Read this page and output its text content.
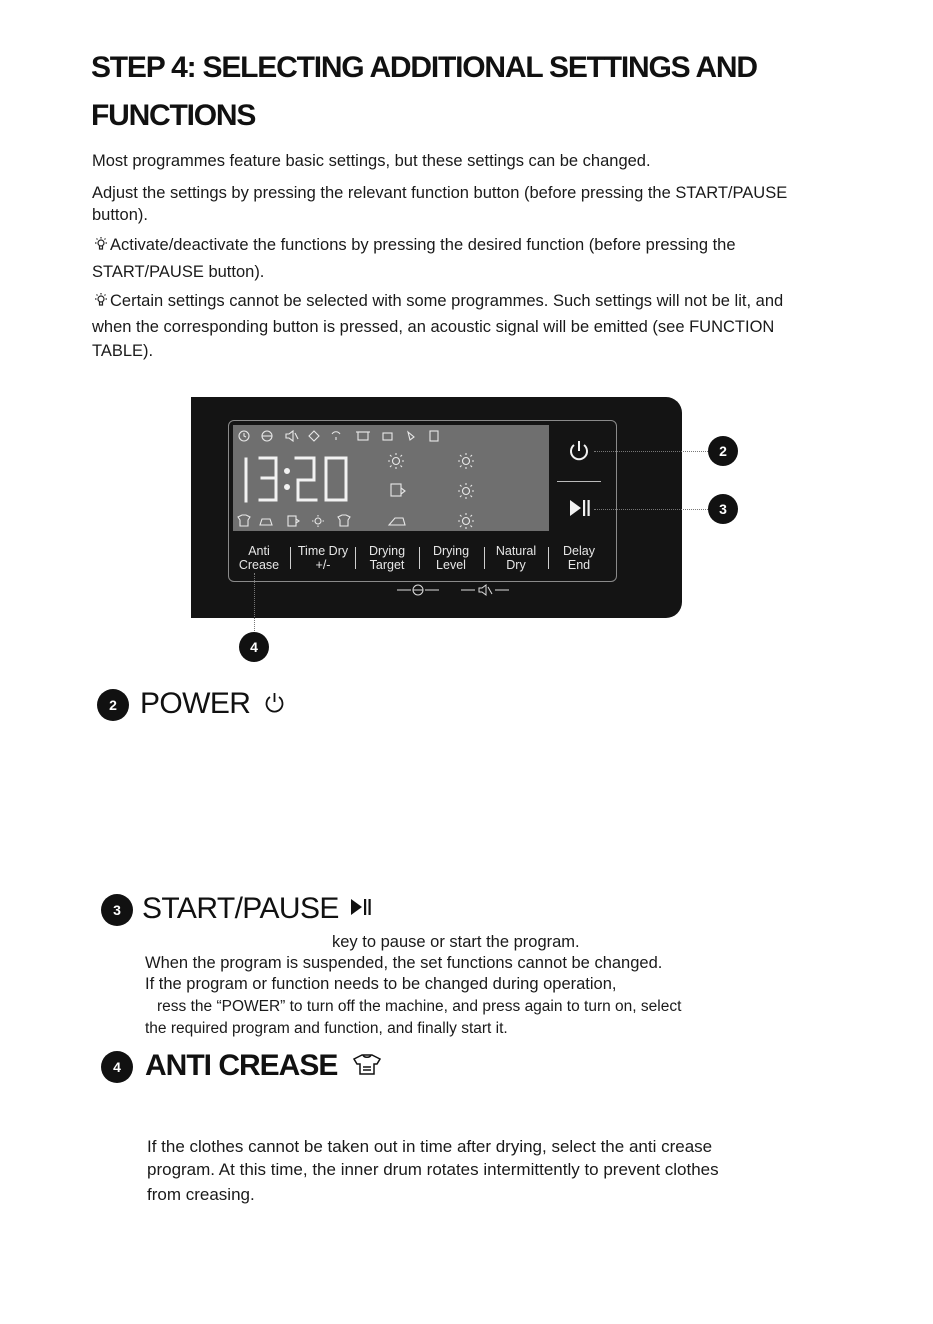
STEP 4: SELECTING ADDITIONAL SETTINGS AND
FUNCTIONS
Most programmes feature basic settings, but these settings can be changed.
Adjust the settings by pressing the relevant function button (before pressing the START/PAUSE
button).
Activate/deactivate the functions by pressing the desired function (before pressing the
START/PAUSE button).
Certain settings cannot be selected with some programmes. Such settings will not be lit, and
when the corresponding button is pressed, an acoustic signal will be emitted (see FUNCTION
TABLE).
Anti
Crease
Time Dry
+/-
Drying
Target
Drying
Level
Natural
Dry
Delay
End
2
3
4
2 POWER
3 START/PAUSE
key to pause or start the program.
When the program is suspended, the set functions cannot be changed.
If the program or function needs to be changed during operation,
ress the “POWER” to turn off the machine, and press again to turn on, select
the required program and function, and finally start it.
4 ANTI CREASE
If the clothes cannot be taken out in time after drying, select the anti crease
program. At this time, the inner drum rotates intermittently to prevent clothes
from creasing.
